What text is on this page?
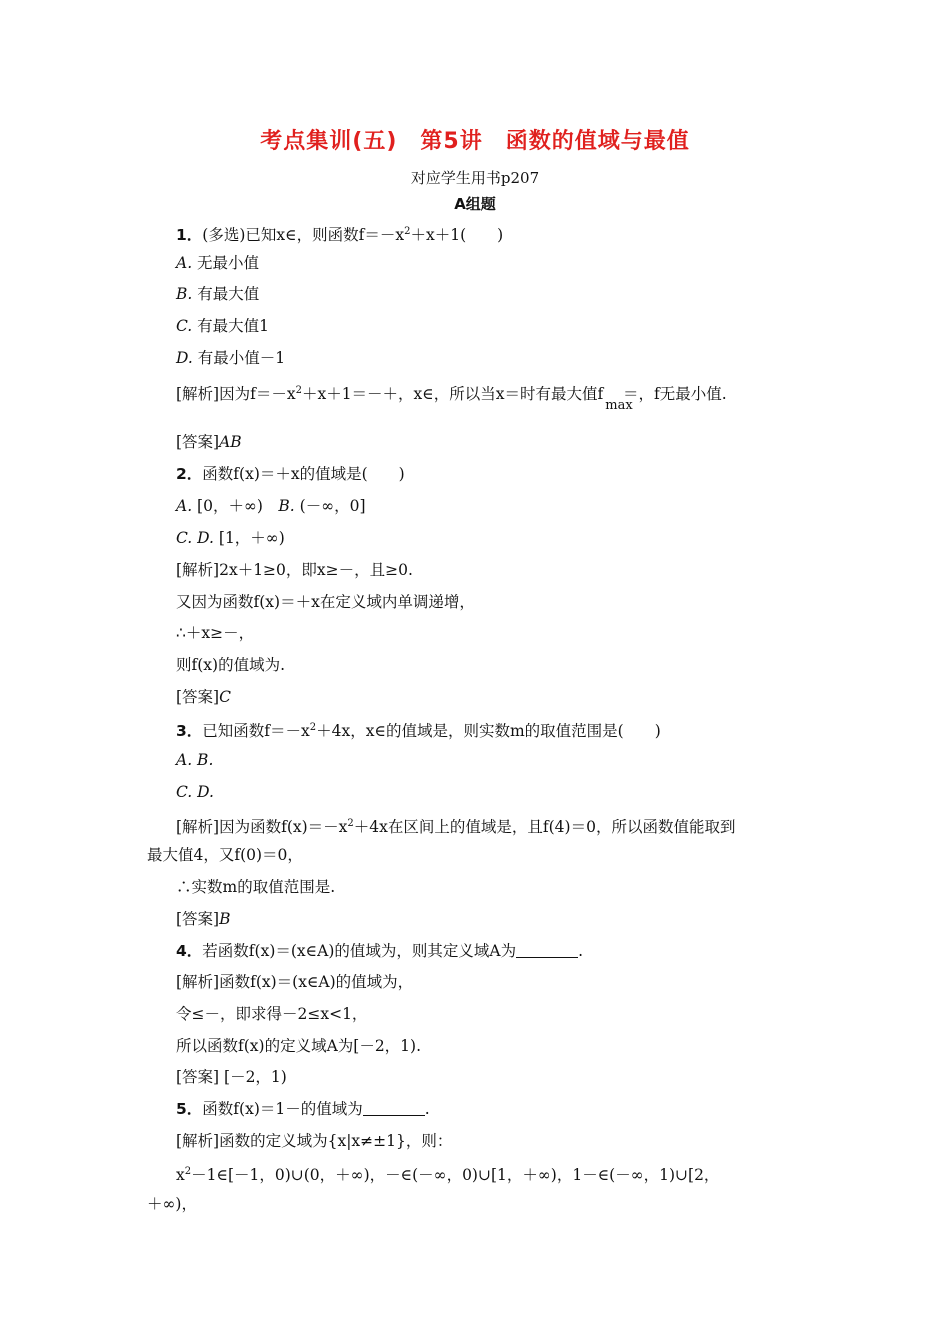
考点集训(五)　第5讲　函数的值域与最值
对应学生用书p207
A组题
1．(多选)已知x∈，则函数$f=-x^2+x+1$(　　)
A. 无最小值
B. 有最大值
C. 有最大值1
D. 有最小值－1
[解析]因为$f=-x^2+x+1=-+$，x∈，所以当x＝时有最大值f
max
  ＝，f无最小值.
[答案]AB
2．函数f(x)＝＋x的值域是(　　)
A. [0，＋∞)　B. (－∞，0]
C. D. [1，＋∞)
[解析]2x＋1≥0，即x≥－，且≥0.
又因为函数f(x)＝＋x在定义域内单调递增，
∴＋x≥－，
则f(x)的值域为.
[答案]C
3．已知函数$f=-x^2+4x$，x∈的值域是，则实数m的取值范围是(　　)
A. B.
C. D.
[解析]因为函数$f(x)=-x^2+4x$在区间上的值域是，且f(4)＝0，所以函数值能取到
最大值4，又f(0)＝0，
∴实数m的取值范围是.
[答案]B
4．若函数f(x)＝(x∈A)的值域为，则其定义域A为	.
[解析]函数f(x)＝(x∈A)的值域为，
令≤－，即求得－2≤x<1，
所以函数f(x)的定义域A为[－2，1).
[答案] [－2，1)
5．函数f(x)＝1－的值域为	.
[解析]函数的定义域为{x|x≠±1}，则：
$x^2-1\in[-1$，0)∪(0，＋∞)，－∈(－∞，0)∪[1，＋∞)，1－∈(－∞，1)∪[2，
＋∞)，
